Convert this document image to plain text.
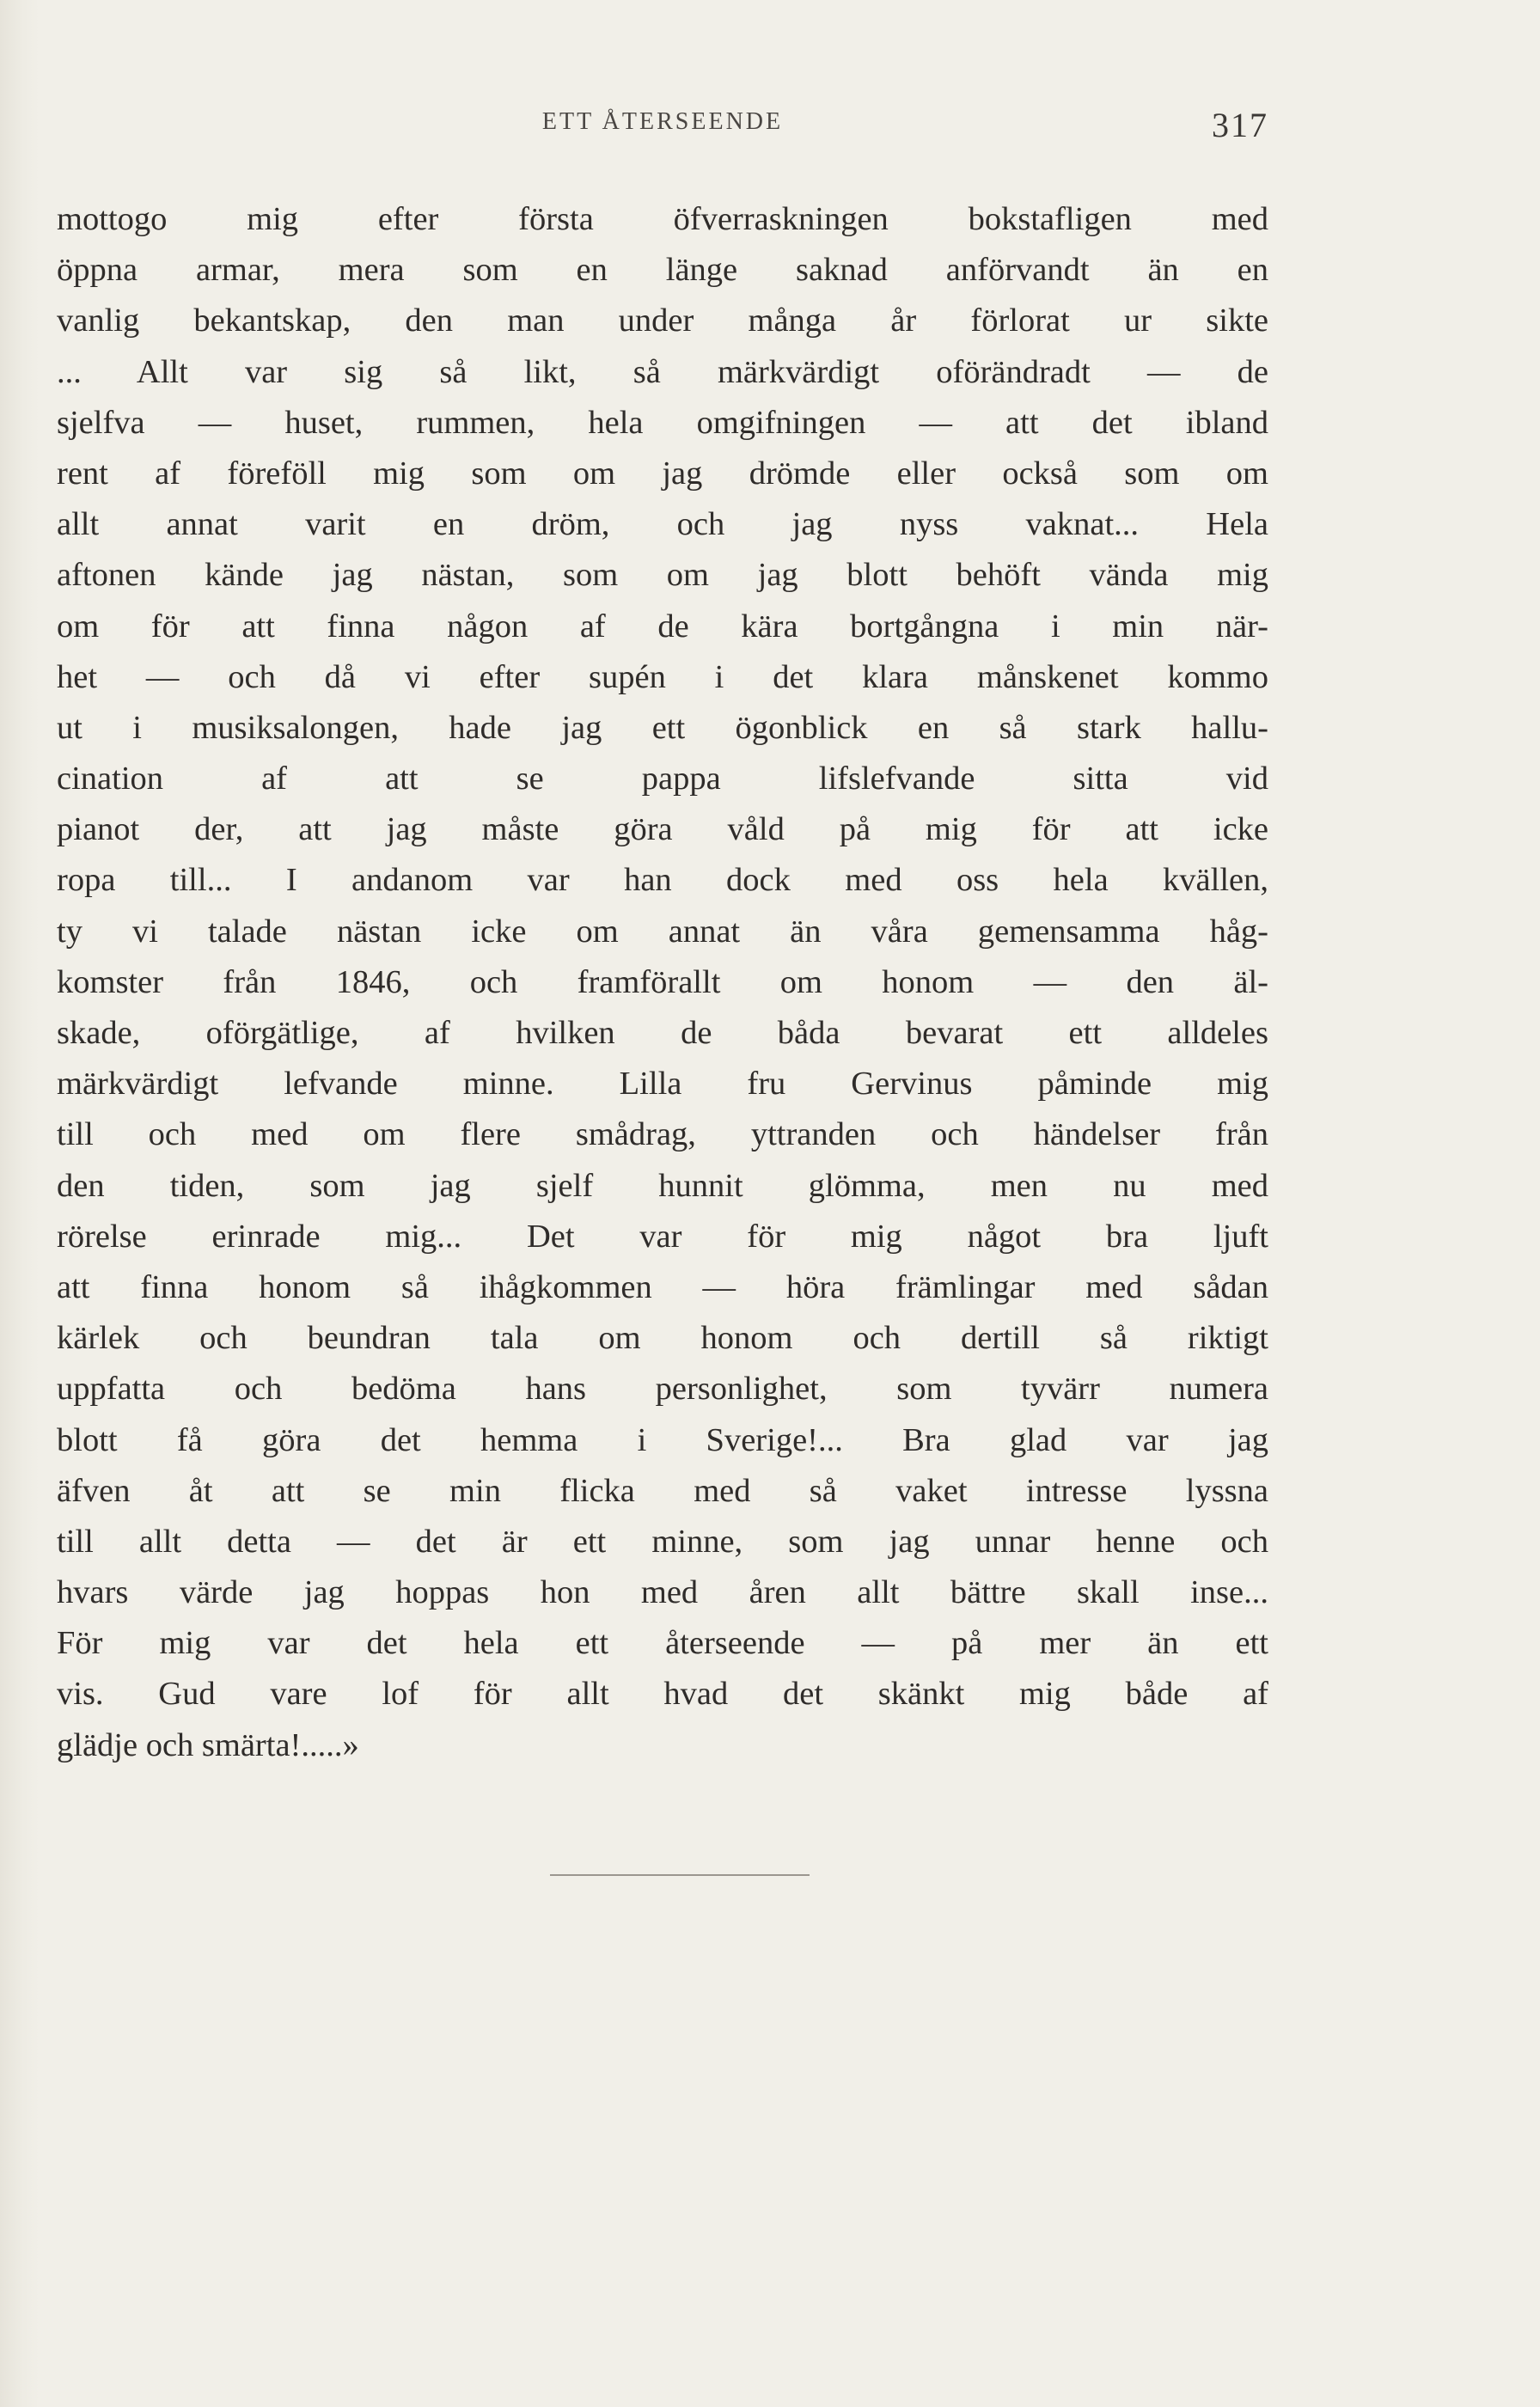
ETT ÅTERSEENDE	317
mottogo mig efter första öfverraskningen bokstafligen med
öppna armar, mera som en länge saknad anförvandt än en
vanlig bekantskap, den man under många år förlorat ur sikte
... Allt var sig så likt, så märkvärdigt oförändradt — de
sjelfva — huset, rummen, hela omgifningen — att det ibland
rent af föreföll mig som om jag drömde eller också som om
allt annat varit en dröm, och jag nyss vaknat... Hela
aftonen kände jag nästan, som om jag blott behöft vända mig
om för att finna någon af de kära bortgångna i min när-
het — och då vi efter supén i det klara månskenet kommo
ut i musiksalongen, hade jag ett ögonblick en så stark hallu-
cination af att se pappa lifslefvande sitta vid
pianot der, att jag måste göra våld på mig för att icke
ropa till... I andanom var han dock med oss hela kvällen,
ty vi talade nästan icke om annat än våra gemensamma håg-
komster från 1846, och framförallt om honom — den äl-
skade, oförgätlige, af hvilken de båda bevarat ett alldeles
märkvärdigt lefvande minne. Lilla fru Gervinus påminde mig
till och med om flere smådrag, yttranden och händelser från
den tiden, som jag sjelf hunnit glömma, men nu med
rörelse erinrade mig... Det var för mig något bra ljuft
att finna honom så ihågkommen — höra främlingar med sådan
kärlek och beundran tala om honom och dertill så riktigt
uppfatta och bedöma hans personlighet, som tyvärr numera
blott få göra det hemma i Sverige!... Bra glad var jag
äfven åt att se min flicka med så vaket intresse lyssna
till allt detta — det är ett minne, som jag unnar henne och
hvars värde jag hoppas hon med åren allt bättre skall inse...
För mig var det hela ett återseende — på mer än ett
vis. Gud vare lof för allt hvad det skänkt mig både af
glädje och smärta!.....»
